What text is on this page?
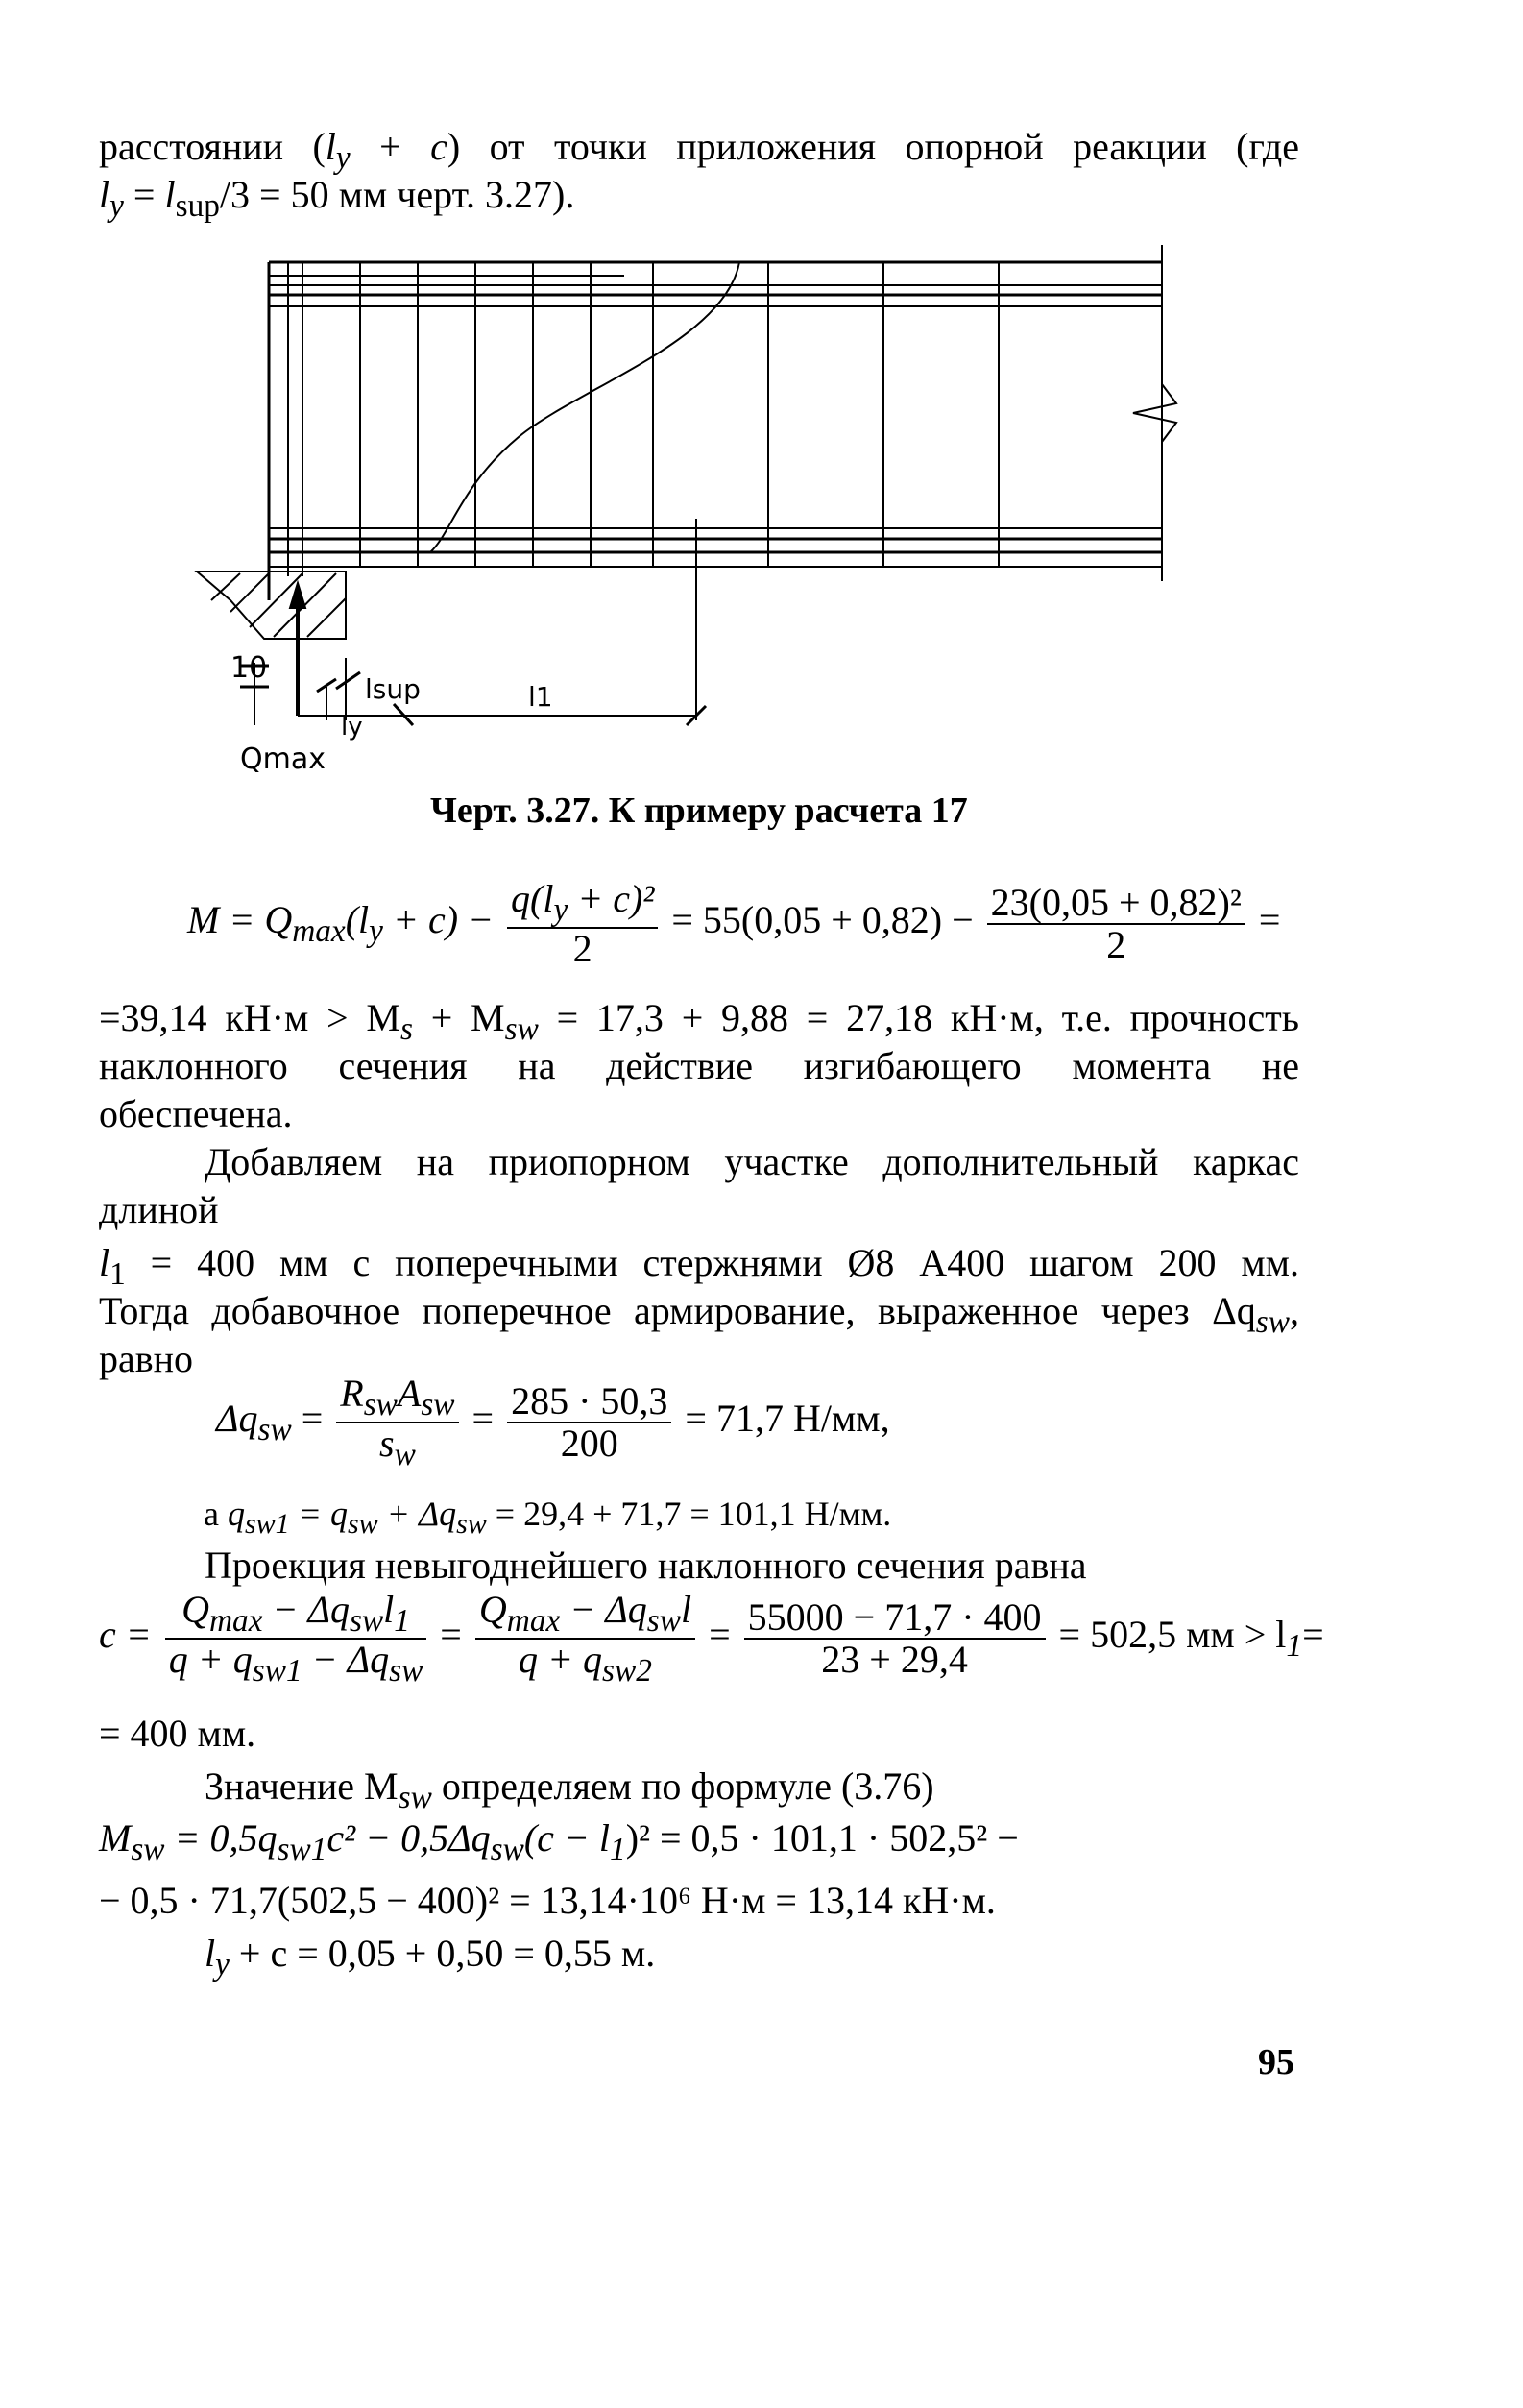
расстоянии $(l_y + c)$ от точки приложения опорной реакции (где
$l_y = l_{sup}/3 = 50$ мм черт. 3.27).
10
lsup	l1
ly
Qmax
Черт. 3.27. К примеру расчета 17
$M = Q_{max}(l_y + c) - \frac{q(l_y + c)^2}{2} = 55(0,05 + 0,82) - \frac{\text{23(0,05 + 0,82)²}}{2}$ =
=39,14 $кН\cdot м > M_s + M_{sw} = 17,3 + 9,88 = 27,18$ кН·м, т.е. прочность
наклонного сечения на действие изгибающего момента не
обеспечена.
Добавляем на приопорном участке дополнительный каркас
длиной
$l_1 = 400$ мм с поперечными стержнями Ø8 А400 шагом 200 мм.
Тогда добавочное поперечное армирование, выраженное через $\Delta q_{sw}$,
равно
$\Delta q_{sw} = \frac{R_{sw}A_{sw}}{s_w} = \frac{285 \cdot 50,3}{200} = 71,7$ Н/мм,
а $q_{sw1} = q_{sw} + \Delta q_{sw} = 29,4 + 71,7 = 101,1$ Н/мм.
Проекция невыгоднейшего наклонного сечения равна
$c = \frac{Q_{max} - \Delta q_{sw}l_1}{q + q_{sw1} - \Delta q_{sw}} = \frac{Q_{max} - \Delta q_{sw}l}{q + q_{sw2}} = \frac{55000 - 71,7 \cdot 400}{23 + 29,4} = 502,5$ мм > $l_1=$
= 400 мм.
Значение $M_{sw}$ определяем по формуле (3.76)
$M_{sw} = 0,5q_{sw1}c^2 - 0,5\Delta q_{sw}(c - l_1)^2 = 0,5 \cdot 101,1 \cdot 502,5^2$ −
− 0,5 · 71,7(502,5 − 400)² = 13,14·10⁶ Н·м = 13,14 кН·м.
$l_y + c = 0,05 + 0,50 = 0,55$ м.
95
